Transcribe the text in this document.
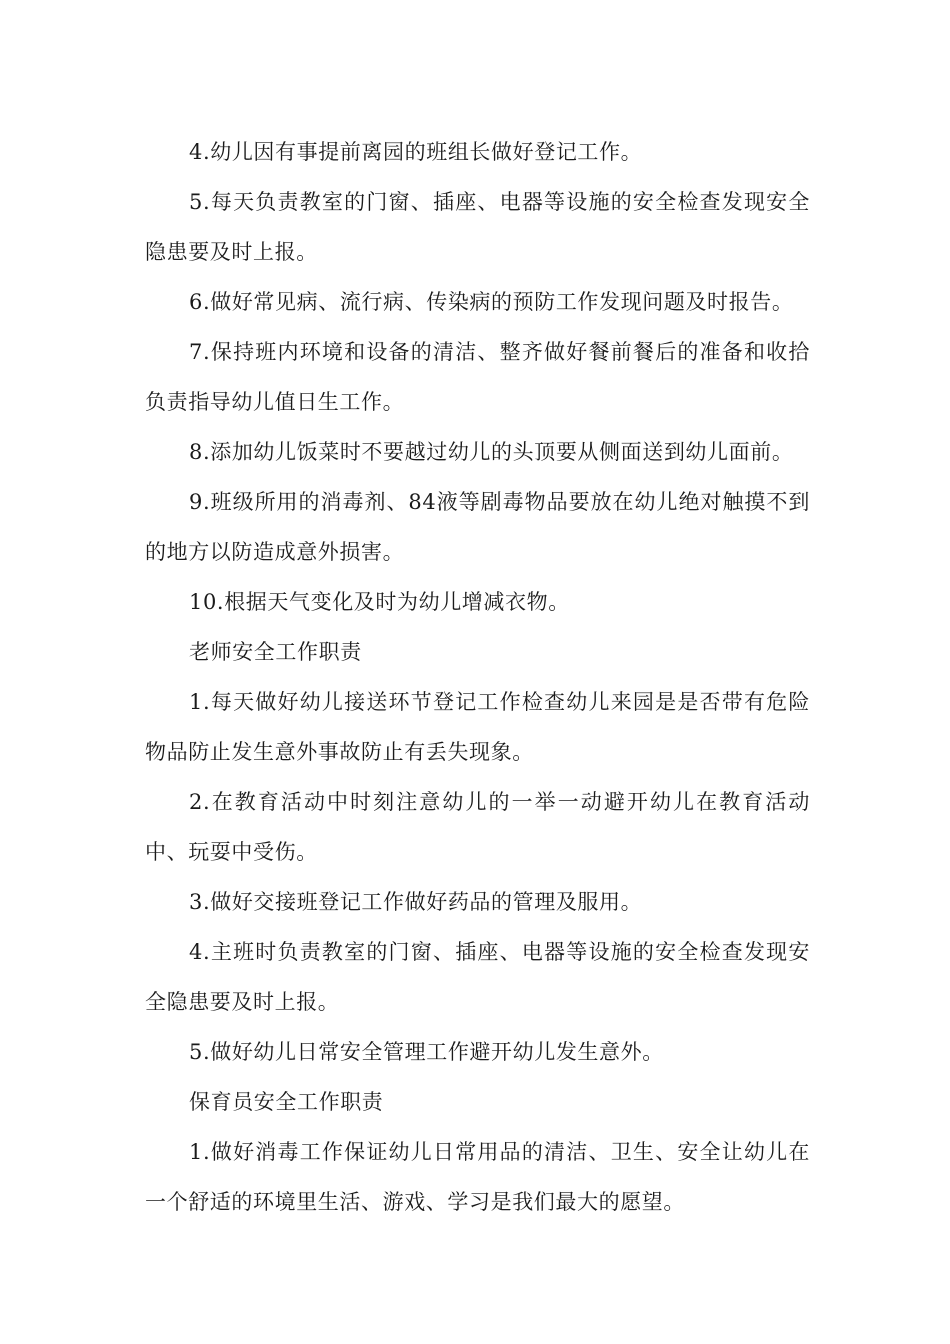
4.幼儿因有事提前离园的班组长做好登记工作。

5.每天负责教室的门窗、插座、电器等设施的安全检查发现安全隐患要及时上报。

6.做好常见病、流行病、传染病的预防工作发现问题及时报告。

7.保持班内环境和设备的清洁、整齐做好餐前餐后的准备和收拾负责指导幼儿值日生工作。

8.添加幼儿饭菜时不要越过幼儿的头顶要从侧面送到幼儿面前。

9.班级所用的消毒剂、84液等剧毒物品要放在幼儿绝对触摸不到的地方以防造成意外损害。

10.根据天气变化及时为幼儿增减衣物。

老师安全工作职责

1.每天做好幼儿接送环节登记工作检查幼儿来园是是否带有危险物品防止发生意外事故防止有丢失现象。

2.在教育活动中时刻注意幼儿的一举一动避开幼儿在教育活动中、玩耍中受伤。

3.做好交接班登记工作做好药品的管理及服用。

4.主班时负责教室的门窗、插座、电器等设施的安全检查发现安全隐患要及时上报。

5.做好幼儿日常安全管理工作避开幼儿发生意外。

保育员安全工作职责

1.做好消毒工作保证幼儿日常用品的清洁、卫生、安全让幼儿在一个舒适的环境里生活、游戏、学习是我们最大的愿望。
